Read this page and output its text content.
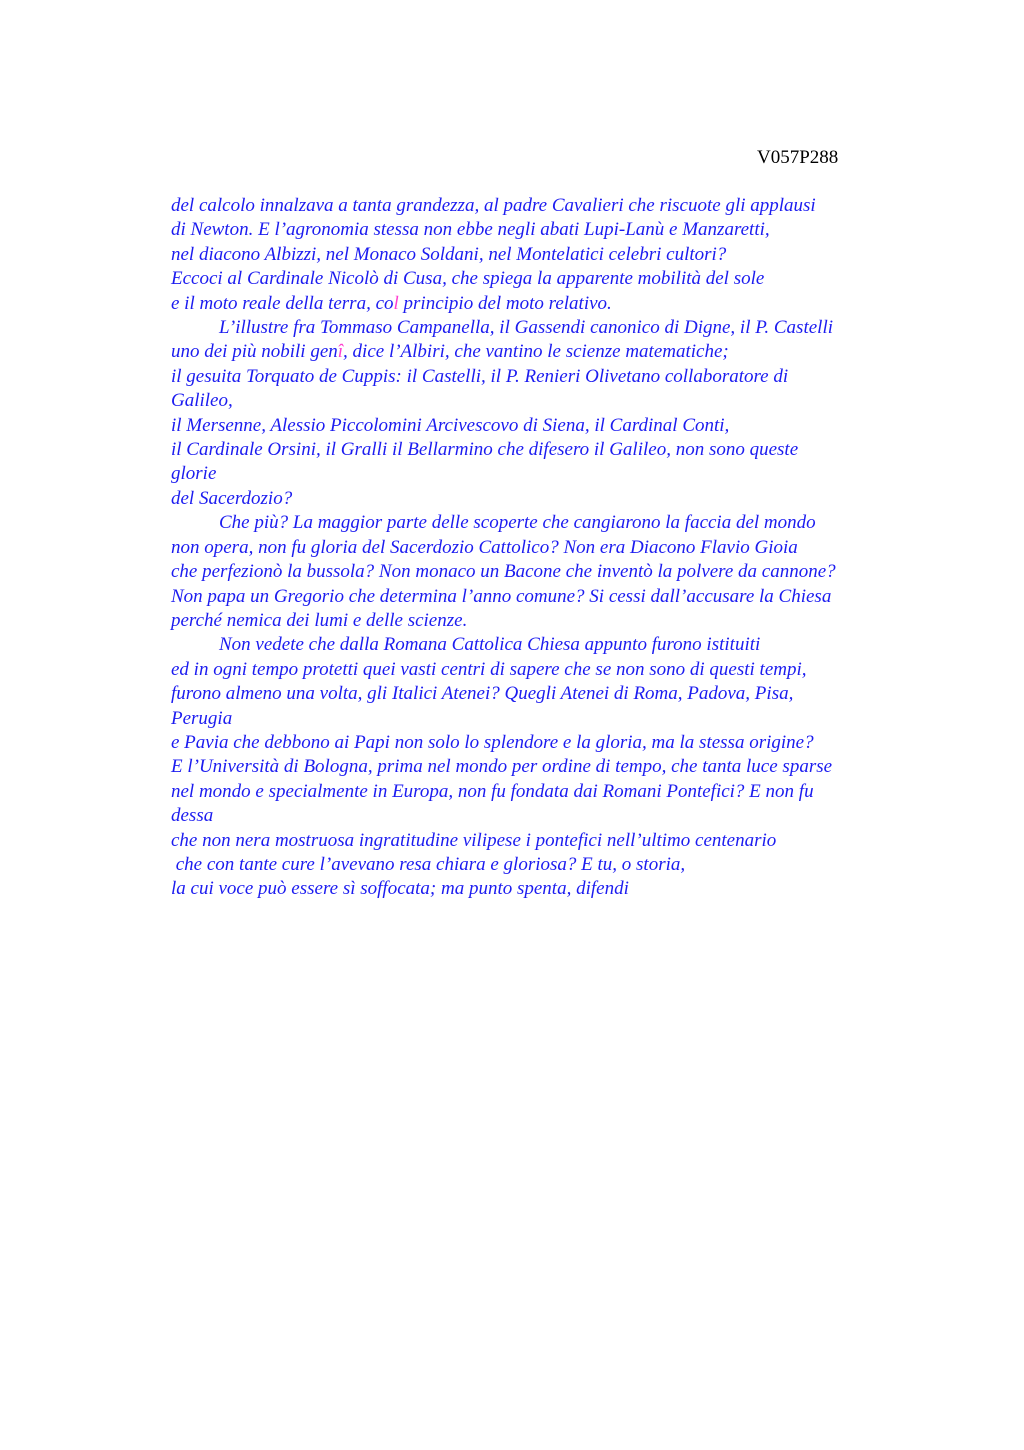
V057P288
del calcolo innalzava a tanta grandezza, al padre Cavalieri che riscuote gli applausi
di Newton. E l’agronomia stessa non ebbe negli abati Lupi-Lanù e Manzaretti,
nel diacono Albizzi, nel Monaco Soldani, nel Montelatici celebri cultori?
Eccoci al Cardinale Nicolò di Cusa, che spiega la apparente mobilità del sole
e il moto reale della terra, col principio del moto relativo.
L’illustre fra Tommaso Campanella, il Gassendi canonico di Digne, il P. Castelli
uno dei più nobili genî, dice l’Albiri, che vantino le scienze matematiche;
il gesuita Torquato de Cuppis: il Castelli, il P. Renieri Olivetano collaboratore di
Galileo,
il Mersenne, Alessio Piccolomini Arcivescovo di Siena, il Cardinal Conti,
il Cardinale Orsini, il Gralli il Bellarmino che difesero il Galileo, non sono queste
glorie
del Sacerdozio?
Che più? La maggior parte delle scoperte che cangiarono la faccia del mondo
non opera, non fu gloria del Sacerdozio Cattolico? Non era Diacono Flavio Gioia
che perfezionò la bussola? Non monaco un Bacone che inventò la polvere da cannone?
Non papa un Gregorio che determina l’anno comune? Si cessi dall’accusare la Chiesa
perché nemica dei lumi e delle scienze.
Non vedete che dalla Romana Cattolica Chiesa appunto furono istituiti
ed in ogni tempo protetti quei vasti centri di sapere che se non sono di questi tempi,
furono almeno una volta, gli Italici Atenei? Quegli Atenei di Roma, Padova, Pisa,
Perugia
e Pavia che debbono ai Papi non solo lo splendore e la gloria, ma la stessa origine?
E l’Università di Bologna, prima nel mondo per ordine di tempo, che tanta luce sparse
nel mondo e specialmente in Europa, non fu fondata dai Romani Pontefici? E non fu
dessa
che non nera mostruosa ingratitudine vilipese i pontefici nell’ultimo centenario
che con tante cure l’avevano resa chiara e gloriosa? E tu, o storia,
la cui voce può essere sì soffocata; ma punto spenta, difendi
